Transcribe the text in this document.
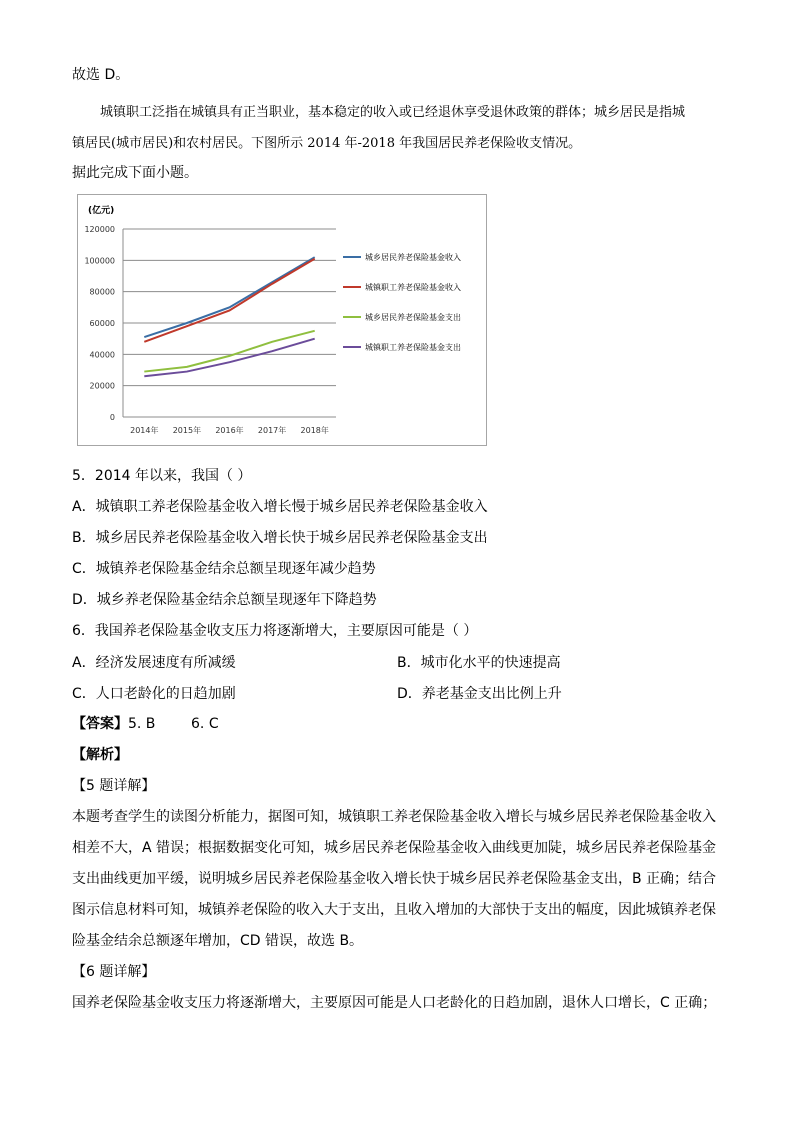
故选 D。
城镇职工泛指在城镇具有正当职业，基本稳定的收入或已经退休享受退休政策的群体；城乡居民是指城
镇居民(城市居民)和农村居民。下图所示 2014 年-2018 年我国居民养老保险收支情况。
据此完成下面小题。
(亿元)
120000
100000
80000
60000
40000
20000
0
2014年 2015年 2016年 2017年 2018年
城乡居民养老保险基金收入
城镇职工养老保险基金收入
城乡居民养老保险基金支出
城镇职工养老保险基金支出
5．2014 年以来，我国（ ）
A．城镇职工养老保险基金收入增长慢于城乡居民养老保险基金收入
B．城乡居民养老保险基金收入增长快于城乡居民养老保险基金支出
C．城镇养老保险基金结余总额呈现逐年减少趋势
D．城乡养老保险基金结余总额呈现逐年下降趋势
6．我国养老保险基金收支压力将逐渐增大，主要原因可能是（ ）
A．经济发展速度有所减缓	B．城市化水平的快速提高
C．人口老龄化的日趋加剧	D．养老基金支出比例上升
【答案】5. B        6. C
【解析】
【5 题详解】
本题考查学生的读图分析能力，据图可知，城镇职工养老保险基金收入增长与城乡居民养老保险基金收入
相差不大，A 错误；根据数据变化可知，城乡居民养老保险基金收入曲线更加陡，城乡居民养老保险基金
支出曲线更加平缓，说明城乡居民养老保险基金收入增长快于城乡居民养老保险基金支出，B 正确；结合
图示信息材料可知，城镇养老保险的收入大于支出，且收入增加的大部快于支出的幅度，因此城镇养老保
险基金结余总额逐年增加，CD 错误，故选 B。
【6 题详解】
国养老保险基金收支压力将逐渐增大，主要原因可能是人口老龄化的日趋加剧，退休人口增长，C 正确；
